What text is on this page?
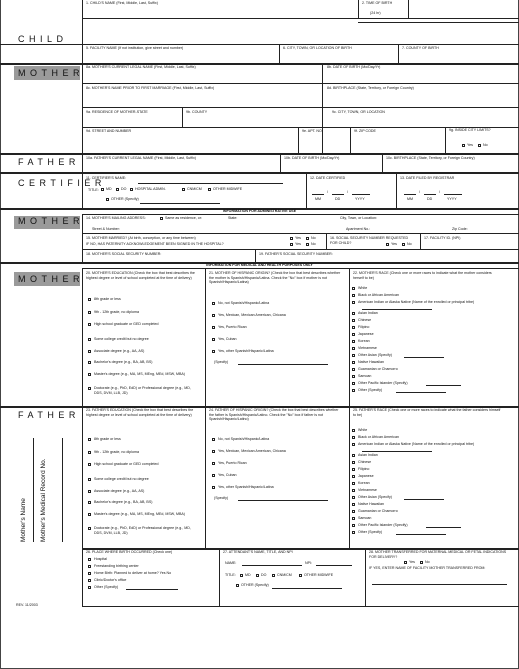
CHILD
1. CHILD'S NAME (First, Middle, Last, Suffix)	2. TIME OF BIRTH
(24 hr)
5. FACILITY NAME (If not institution, give street and number)	6. CITY, TOWN, OR LOCATION OF BIRTH	7. COUNTY OF BIRTH
MOTHER
8a. MOTHER'S CURRENT LEGAL NAME (First, Middle, Last, Suffix)	8b. DATE OF BIRTH (Mo/Day/Yr)
8c. MOTHER'S NAME PRIOR TO FIRST MARRIAGE (First, Middle, Last, Suffix)	8d. BIRTHPLACE (State, Territory, or Foreign Country)
9a. RESIDENCE OF MOTHER-STATE	9b. COUNTY	9c. CITY, TOWN, OR LOCATION
9d. STREET AND NUMBER	9e. APT. NO.	9f. ZIP CODE	9g. INSIDE CITY LIMITS?
Yes	No
FATHER 10a. FATHER'S CURRENT LEGAL NAME (First, Middle, Last, Suffix)	10b. DATE OF BIRTH (Mo/Day/Yr)	10c. BIRTHPLACE (State, Territory, or Foreign Country)
CERTIFIER
11. CERTIFIER'S NAME:
TITLE: MD	DO HOSPITAL ADMIN.	CNM/CM	OTHER MIDWIFE
OTHER (Specify)
12. DATE CERTIFIED	13. DATE FILED BY REGISTRAR
/	/
MM	DD	YYYY
/	/
MM	DD	YYYY
INFORMATION FOR ADMINISTRATIVE USE
MOTHER 14. MOTHER'S MAILING ADDRESS:	Same as residence, or:	State:	City, Town, or Location:
Street & Number:	Apartment No.:	Zip Code:
15. MOTHER MARRIED? (At birth, conception, or any time between)
IF NO, HAS PATERNITY ACKNOWLEDGEMENT BEEN SIGNED IN THE HOSPITAL?
Yes	No
Yes	No
16. SOCIAL SECURITY NUMBER REQUESTED FOR CHILD?	Yes	No
17. FACILITY ID. (NPI)
18. MOTHER'S SOCIAL SECURITY NUMBER:	19. FATHER'S SOCIAL SECURITY NUMBER:
INFORMATION FOR MEDICAL AND HEALTH PURPOSES ONLY
MOTHER
20. MOTHER'S EDUCATION (Check the box that best describes the highest degree or level of school completed at the time of delivery)
21. MOTHER OF HISPANIC ORIGIN? (Check the box that best describes whether the mother is Spanish/Hispanic/Latina. Check the "No" box if mother is not Spanish/Hispanic/Latina)
22. MOTHER'S RACE (Check one or more races to indicate what the mother considers herself to be)
8th grade or less
9th - 12th grade, no diploma
High school graduate or GED completed
Some college credit but no degree
Associate degree (e.g., AA, AS)
Bachelor's degree (e.g., BA, AB, BS)
Master's degree (e.g., MA, MS, MEng, MEd, MSW, MBA)
Doctorate (e.g., PhD, EdD) or Professional degree (e.g., MD, DDS, DVM, LLB, JD)
No, not Spanish/Hispanic/Latina
Yes, Mexican, Mexican American, Chicana
Yes, Puerto Rican
Yes, Cuban
Yes, other Spanish/Hispanic/Latina
(Specify)
White
Black or African American
American Indian or Alaska Native (Name of the enrolled or principal tribe)
Asian Indian
Chinese
Filipino
Japanese
Korean
Vietnamese
Other Asian (Specify)
Native Hawaiian
Guamanian or Chamorro
Samoan
Other Pacific Islander (Specify)
Other (Specify)
FATHER 23. FATHER'S EDUCATION (Check the box that best describes the highest degree or level of school completed at the time of delivery)
24. FATHER OF HISPANIC ORIGIN? (Check the box that best describes whether the father is Spanish/Hispanic/Latino. Check the "No" box if father is not Spanish/Hispanic/Latino)
25. FATHER'S RACE (Check one or more races to indicate what the father considers himself to be)
8th grade or less
9th - 12th grade, no diploma
High school graduate or GED completed
Some college credit but no degree
Associate degree (e.g., AA, AS)
Bachelor's degree (e.g., BA, AB, BS)
Master's degree (e.g., MA, MS, MEng, MEd, MSW, MBA)
Doctorate (e.g., PhD, EdD) or Professional degree (e.g., MD, DDS, DVM, LLB, JD)
No, not Spanish/Hispanic/Latina
Yes, Mexican, Mexican American, Chicana
Yes, Puerto Rican
Yes, Cuban
Yes, other Spanish/Hispanic/Latina
(Specify)
White
Black or African American
American Indian or Alaska Native (Name of the enrolled or principal tribe)
Asian Indian
Chinese
Filipino
Japanese
Korean
Vietnamese
Other Asian (Specify)
Native Hawaiian
Guamanian or Chamorro
Samoan
Other Pacific Islander (Specify)
Other (Specify)
Mother's Name Mother's Medical Record No.
26. PLACE WHERE BIRTH OCCURRED (Check one)
Hospital
Freestanding birthing center
Home Birth: Planned to deliver at home? Yes No
Clinic/Doctor's office
Other (Specify)
27. ATTENDANT'S NAME, TITLE, AND NPI
NAME:	NPI:
TITLE:	MD	DO	CNM/CM	OTHER MIDWIFE
OTHER (Specify)
28. MOTHER TRANSFERRED FOR MATERNAL MEDICAL OR FETAL INDICATIONS FOR DELIVERY?
Yes	No
IF YES, ENTER NAME OF FACILITY MOTHER TRANSFERRED FROM:
REV. 11/2003
